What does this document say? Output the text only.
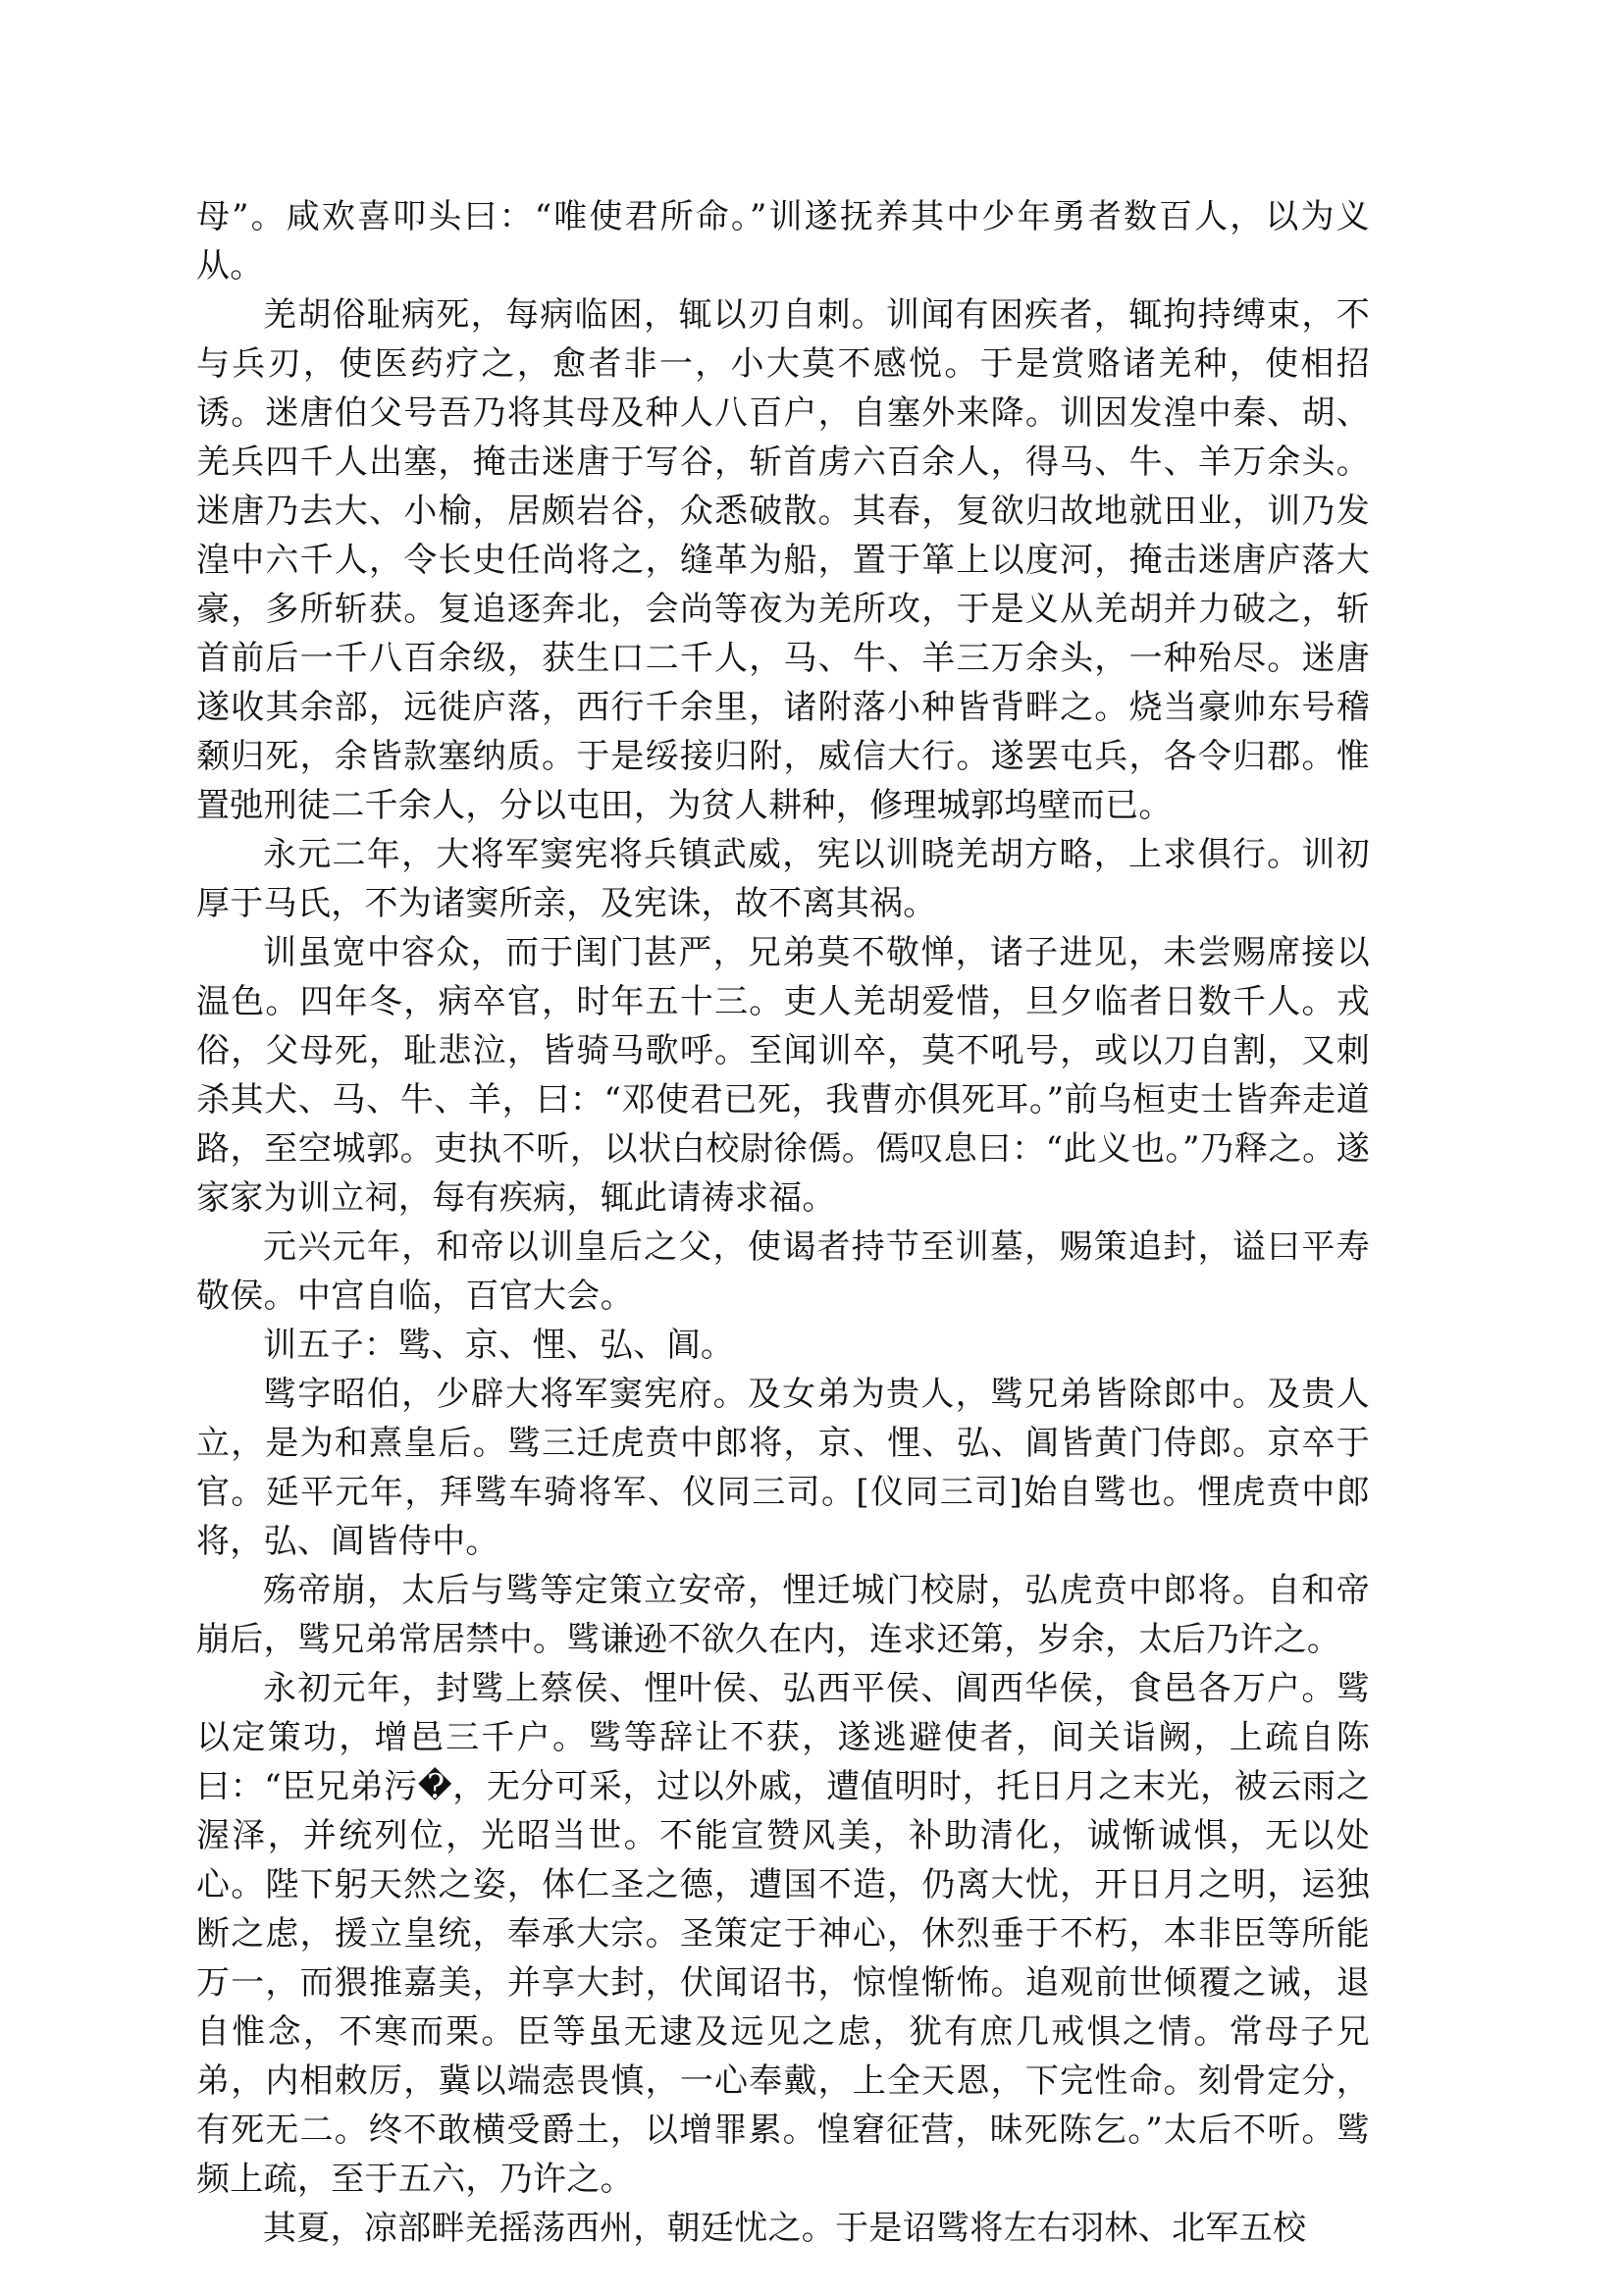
母”。咸欢喜叩头曰：“唯使君所命。”训遂抚养其中少年勇者数百人，以为义从。

羌胡俗耻病死，每病临困，辄以刃自刺。训闻有困疾者，辄拘持缚束，不与兵刃，使医药疗之，愈者非一，小大莫不感悦。于是赏赂诸羌种，使相招诱。迷唐伯父号吾乃将其母及种人八百户，自塞外来降。训因发湟中秦、胡、羌兵四千人出塞，掩击迷唐于写谷，斩首虏六百余人，得马、牛、羊万余头。迷唐乃去大、小榆，居颇岩谷，众悉破散。其春，复欲归故地就田业，训乃发湟中六千人，令长史任尚将之，缝革为船，置于箪上以度河，掩击迷唐庐落大豪，多所斩获。复追逐奔北，会尚等夜为羌所攻，于是义从羌胡并力破之，斩首前后一千八百余级，获生口二千人，马、牛、羊三万余头，一种殆尽。迷唐遂收其余部，远徙庐落，西行千余里，诸附落小种皆背畔之。烧当豪帅东号稽颡归死，余皆款塞纳质。于是绥接归附，威信大行。遂罢屯兵，各令归郡。惟置弛刑徒二千余人，分以屯田，为贫人耕种，修理城郭坞壁而已。

永元二年，大将军窦宪将兵镇武威，宪以训晓羌胡方略，上求俱行。训初厚于马氏，不为诸窦所亲，及宪诛，故不离其祸。

训虽宽中容众，而于闺门甚严，兄弟莫不敬惮，诸子进见，未尝赐席接以温色。四年冬，病卒官，时年五十三。吏人羌胡爱惜，旦夕临者日数千人。戎俗，父母死，耻悲泣，皆骑马歌呼。至闻训卒，莫不吼号，或以刀自割，又刺杀其犬、马、牛、羊，曰：“邓使君已死，我曹亦俱死耳。”前乌桓吏士皆奔走道路，至空城郭。吏执不听，以状白校尉徐傿。傿叹息曰：“此义也。”乃释之。遂家家为训立祠，每有疾病，辄此请祷求福。

元兴元年，和帝以训皇后之父，使谒者持节至训墓，赐策追封，谥曰平寿敬侯。中宫自临，百官大会。

训五子：骘、京、悝、弘、阊。

骘字昭伯，少辟大将军窦宪府。及女弟为贵人，骘兄弟皆除郎中。及贵人立，是为和熹皇后。骘三迁虎贲中郎将，京、悝、弘、阊皆黄门侍郎。京卒于官。延平元年，拜骘车骑将军、仪同三司。[仪同三司]始自骘也。悝虎贲中郎将，弘、阊皆侍中。

殇帝崩，太后与骘等定策立安帝，悝迁城门校尉，弘虎贲中郎将。自和帝崩后，骘兄弟常居禁中。骘谦逊不欲久在内，连求还第，岁余，太后乃许之。

永初元年，封骘上蔡侯、悝叶侯、弘西平侯、阊西华侯，食邑各万户。骘以定策功，增邑三千户。骘等辞让不获，遂逃避使者，间关诣阙，上疏自陈曰：“臣兄弟污�，无分可采，过以外戚，遭值明时，托日月之末光，被云雨之渥泽，并统列位，光昭当世。不能宣赞风美，补助清化，诚惭诚惧，无以处心。陛下躬天然之姿，体仁圣之德，遭国不造，仍离大忧，开日月之明，运独断之虑，援立皇统，奉承大宗。圣策定于神心，休烈垂于不朽，本非臣等所能万一，而猥推嘉美，并享大封，伏闻诏书，惊惶惭怖。追观前世倾覆之诫，退自惟念，不寒而栗。臣等虽无逮及远见之虑，犹有庶几戒惧之情。常母子兄弟，内相敕厉，冀以端悫畏慎，一心奉戴，上全天恩，下完性命。刻骨定分，有死无二。终不敢横受爵土，以增罪累。惶窘征营，昧死陈乞。”太后不听。骘频上疏，至于五六，乃许之。

其夏，凉部畔羌摇荡西州，朝廷忧之。于是诏骘将左右羽林、北军五校
